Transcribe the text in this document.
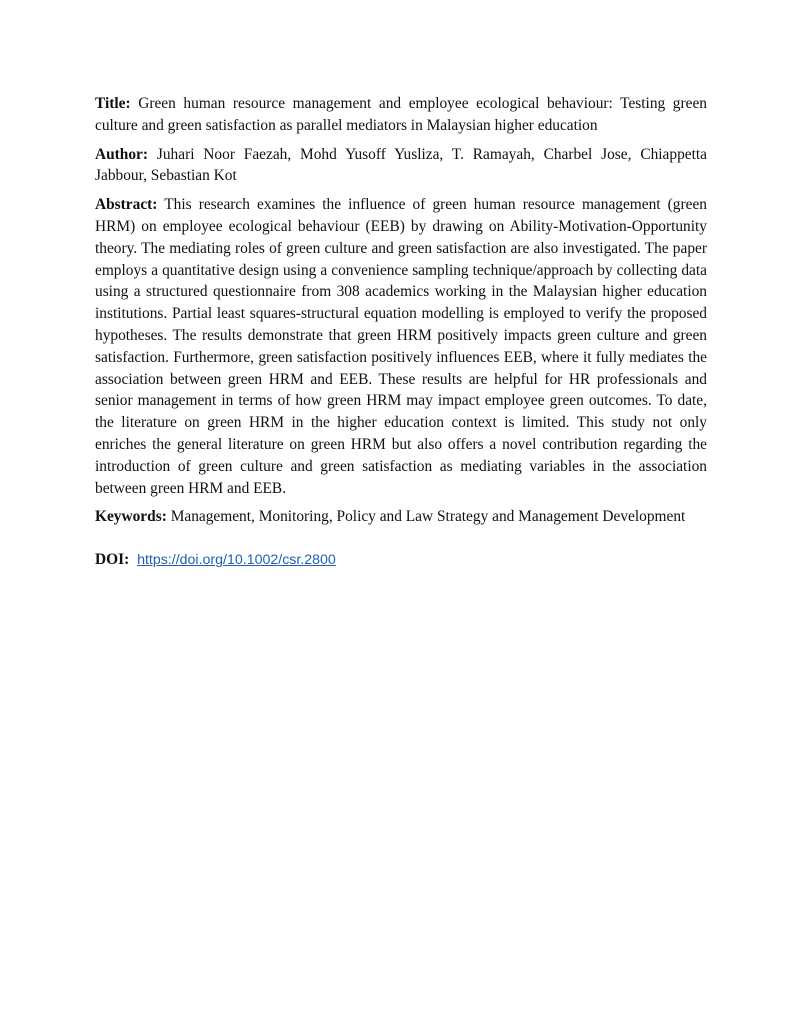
Title: Green human resource management and employee ecological behaviour: Testing green culture and green satisfaction as parallel mediators in Malaysian higher education

Author: Juhari Noor Faezah, Mohd Yusoff Yusliza, T. Ramayah, Charbel Jose, Chiappetta Jabbour, Sebastian Kot

Abstract: This research examines the influence of green human resource management (green HRM) on employee ecological behaviour (EEB) by drawing on Ability-Motivation-Opportunity theory. The mediating roles of green culture and green satisfaction are also investigated. The paper employs a quantitative design using a convenience sampling technique/approach by collecting data using a structured questionnaire from 308 academics working in the Malaysian higher education institutions. Partial least squares-structural equation modelling is employed to verify the proposed hypotheses. The results demonstrate that green HRM positively impacts green culture and green satisfaction. Furthermore, green satisfaction positively influences EEB, where it fully mediates the association between green HRM and EEB. These results are helpful for HR professionals and senior management in terms of how green HRM may impact employee green outcomes. To date, the literature on green HRM in the higher education context is limited. This study not only enriches the general literature on green HRM but also offers a novel contribution regarding the introduction of green culture and green satisfaction as mediating variables in the association between green HRM and EEB.

Keywords: Management, Monitoring, Policy and Law Strategy and Management Development

DOI: https://doi.org/10.1002/csr.2800
